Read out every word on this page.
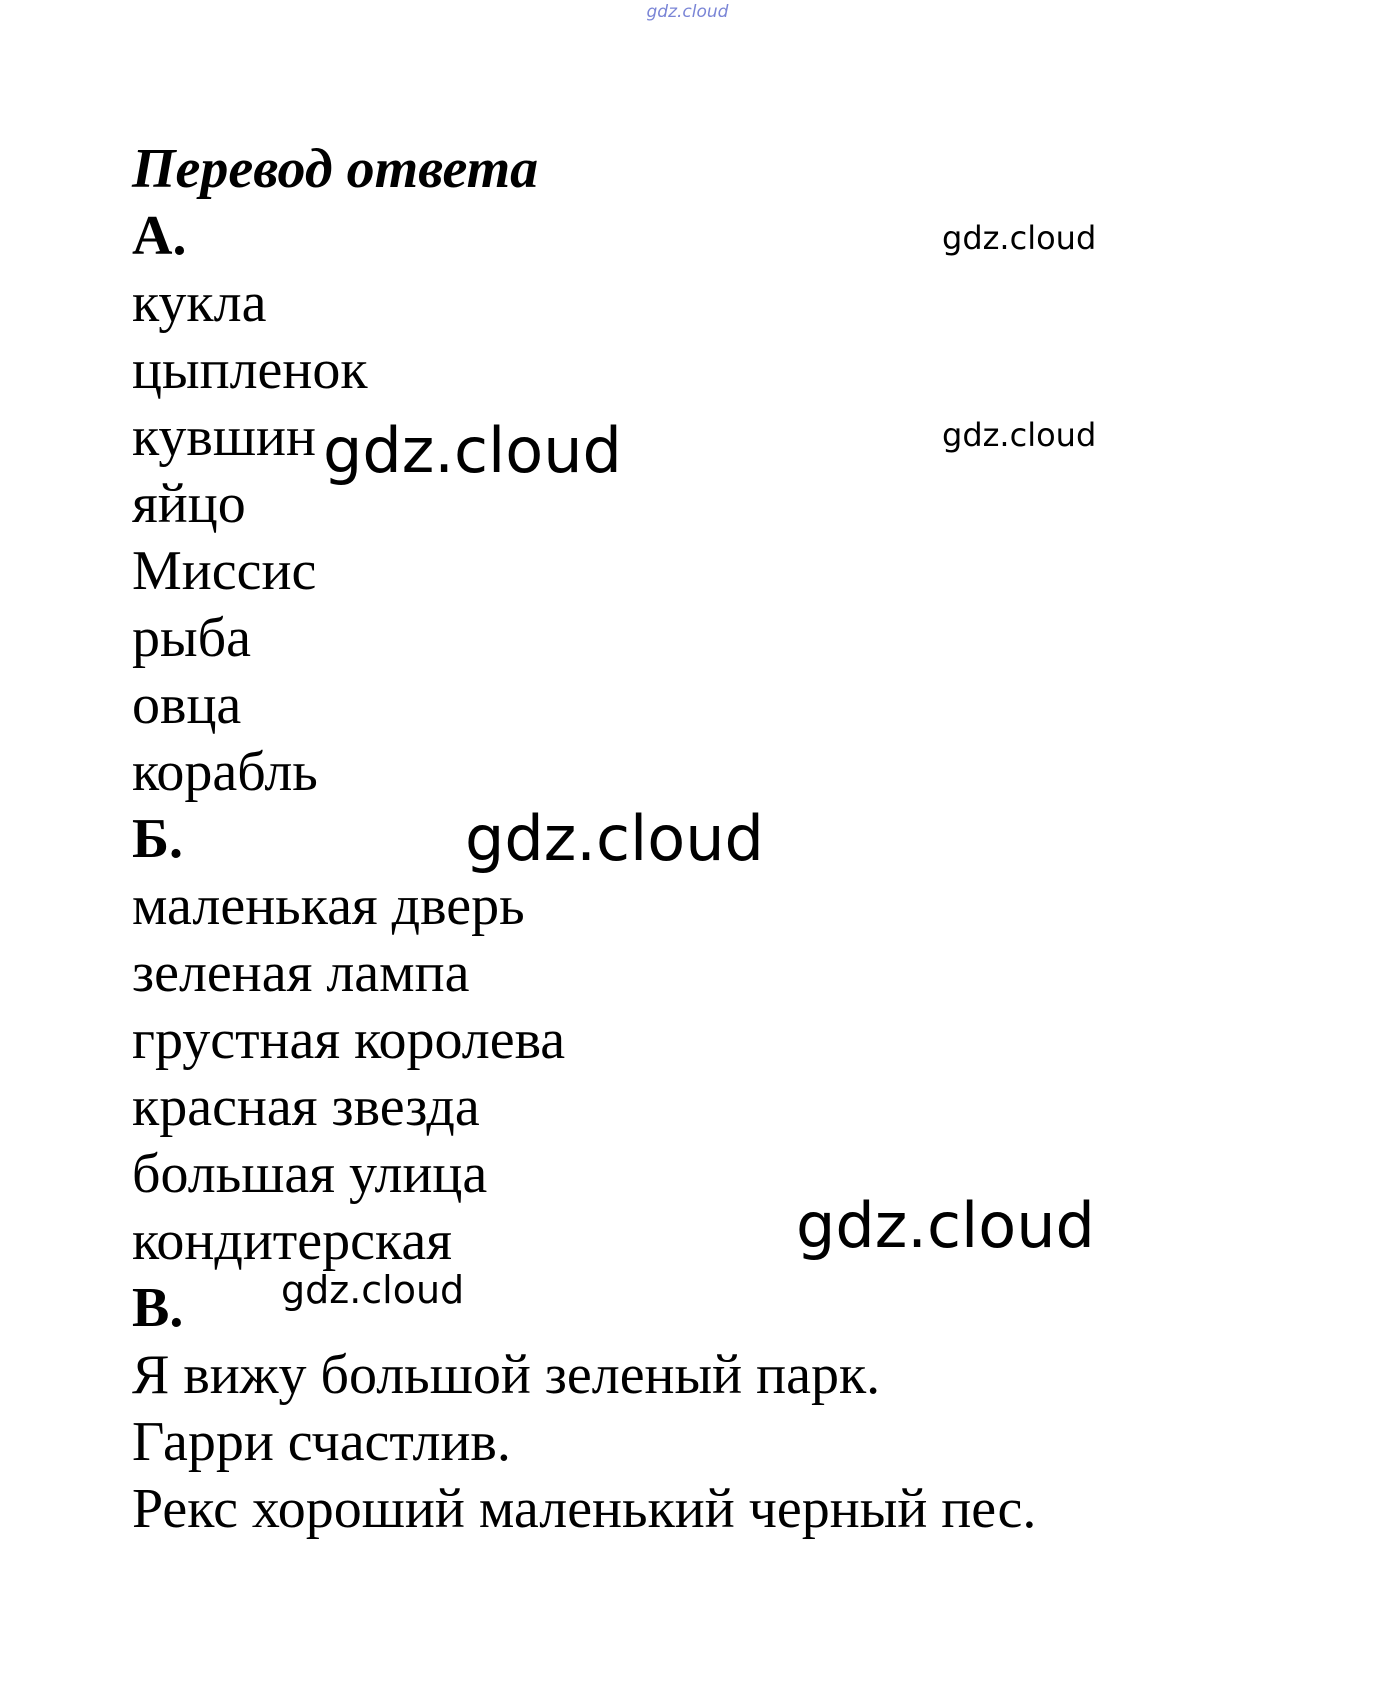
gdz.cloud
Перевод ответа
А.
кукла
цыпленок
кувшин
яйцо
Миссис
рыба
овца
корабль
Б.
маленькая дверь
зеленая лампа
грустная королева
красная звезда
большая улица
кондитерская
В.
Я вижу большой зеленый парк.
Гарри счастлив.
Рекс хороший маленький черный пес.
gdz.cloud
gdz.cloud
gdz.cloud
gdz.cloud
gdz.cloud
gdz.cloud
